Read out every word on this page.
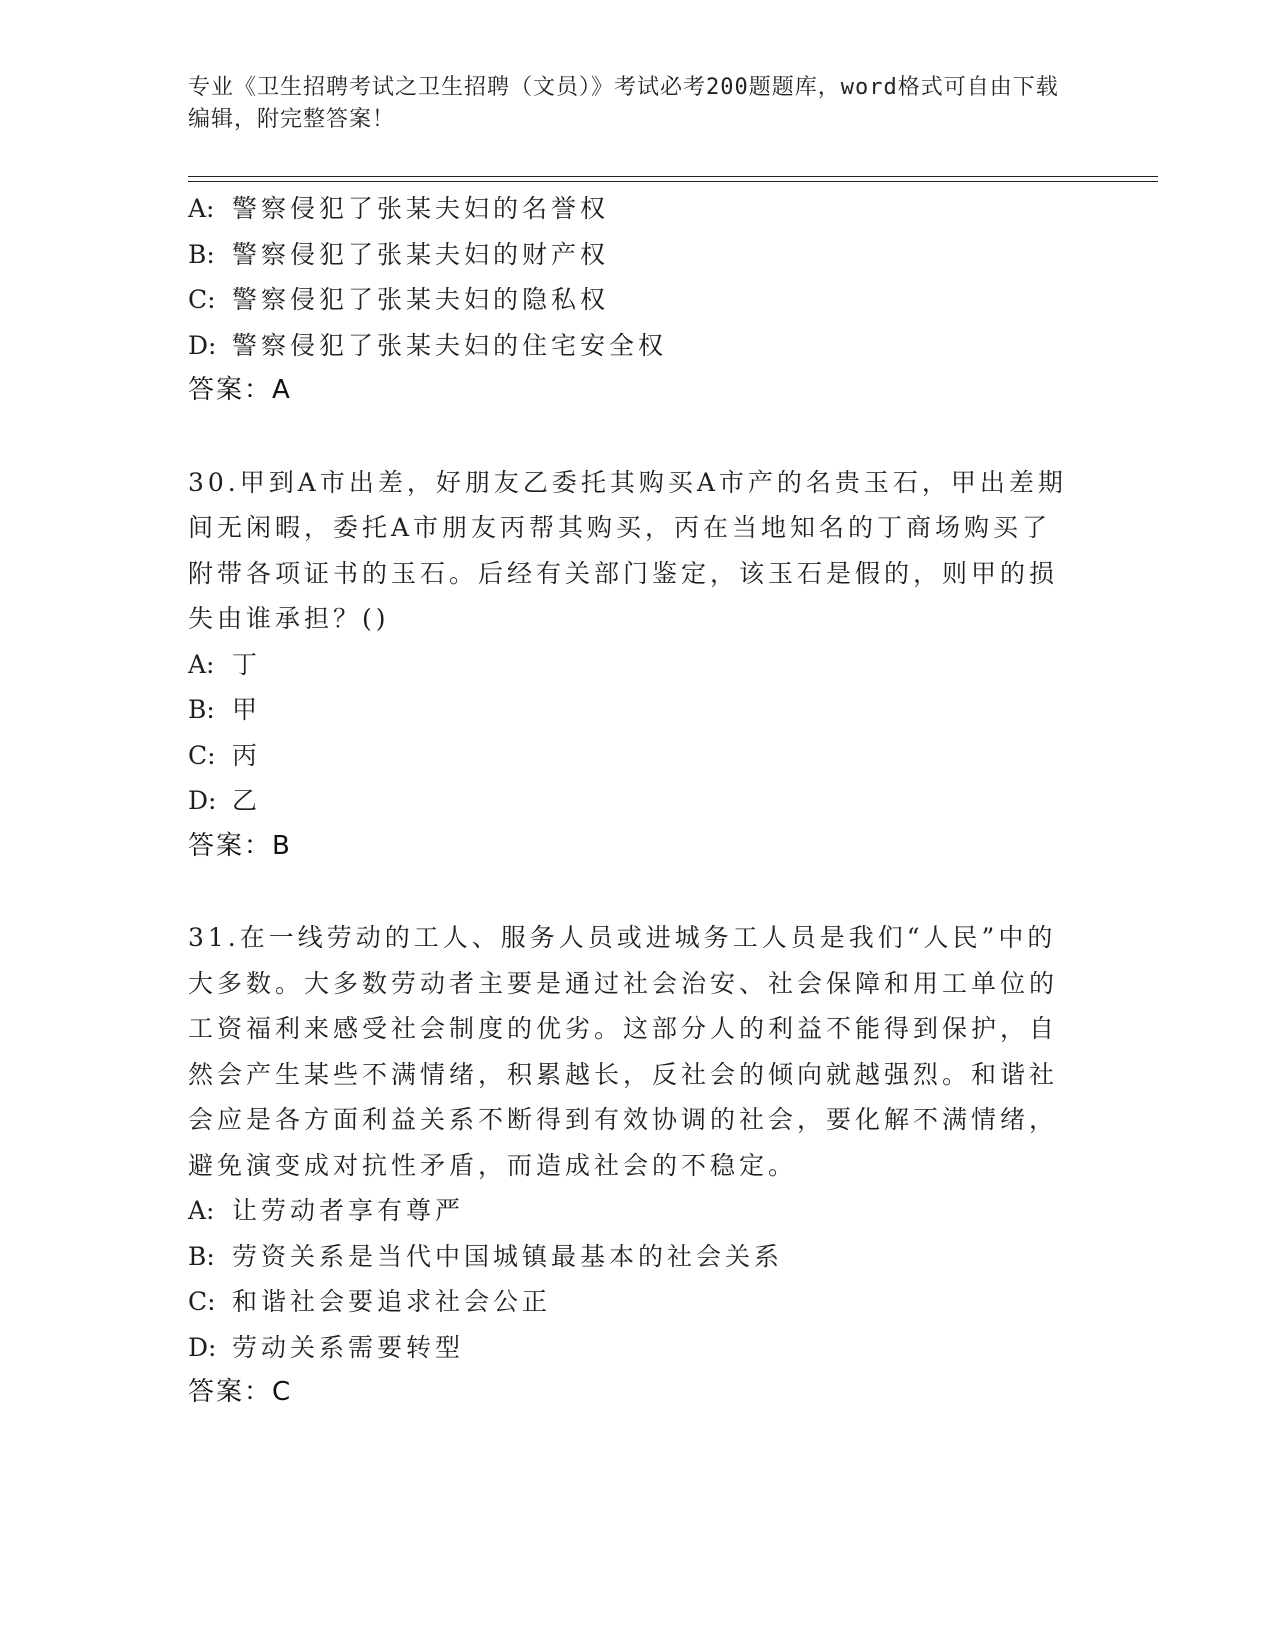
专业《卫生招聘考试之卫生招聘（文员）》考试必考200题题库，word格式可自由下载编辑，附完整答案！
A: 警察侵犯了张某夫妇的名誉权
B: 警察侵犯了张某夫妇的财产权
C: 警察侵犯了张某夫妇的隐私权
D: 警察侵犯了张某夫妇的住宅安全权
答案：A
30.甲到A市出差，好朋友乙委托其购买A市产的名贵玉石，甲出差期
间无闲暇，委托A市朋友丙帮其购买，丙在当地知名的丁商场购买了
附带各项证书的玉石。后经有关部门鉴定，该玉石是假的，则甲的损
失由谁承担？()
A: 丁
B: 甲
C: 丙
D: 乙
答案：B
31.在一线劳动的工人、服务人员或进城务工人员是我们“人民”中的
大多数。大多数劳动者主要是通过社会治安、社会保障和用工单位的
工资福利来感受社会制度的优劣。这部分人的利益不能得到保护，自
然会产生某些不满情绪，积累越长，反社会的倾向就越强烈。和谐社
会应是各方面利益关系不断得到有效协调的社会，要化解不满情绪，
避免演变成对抗性矛盾，而造成社会的不稳定。
A: 让劳动者享有尊严
B: 劳资关系是当代中国城镇最基本的社会关系
C: 和谐社会要追求社会公正
D: 劳动关系需要转型
答案：C
